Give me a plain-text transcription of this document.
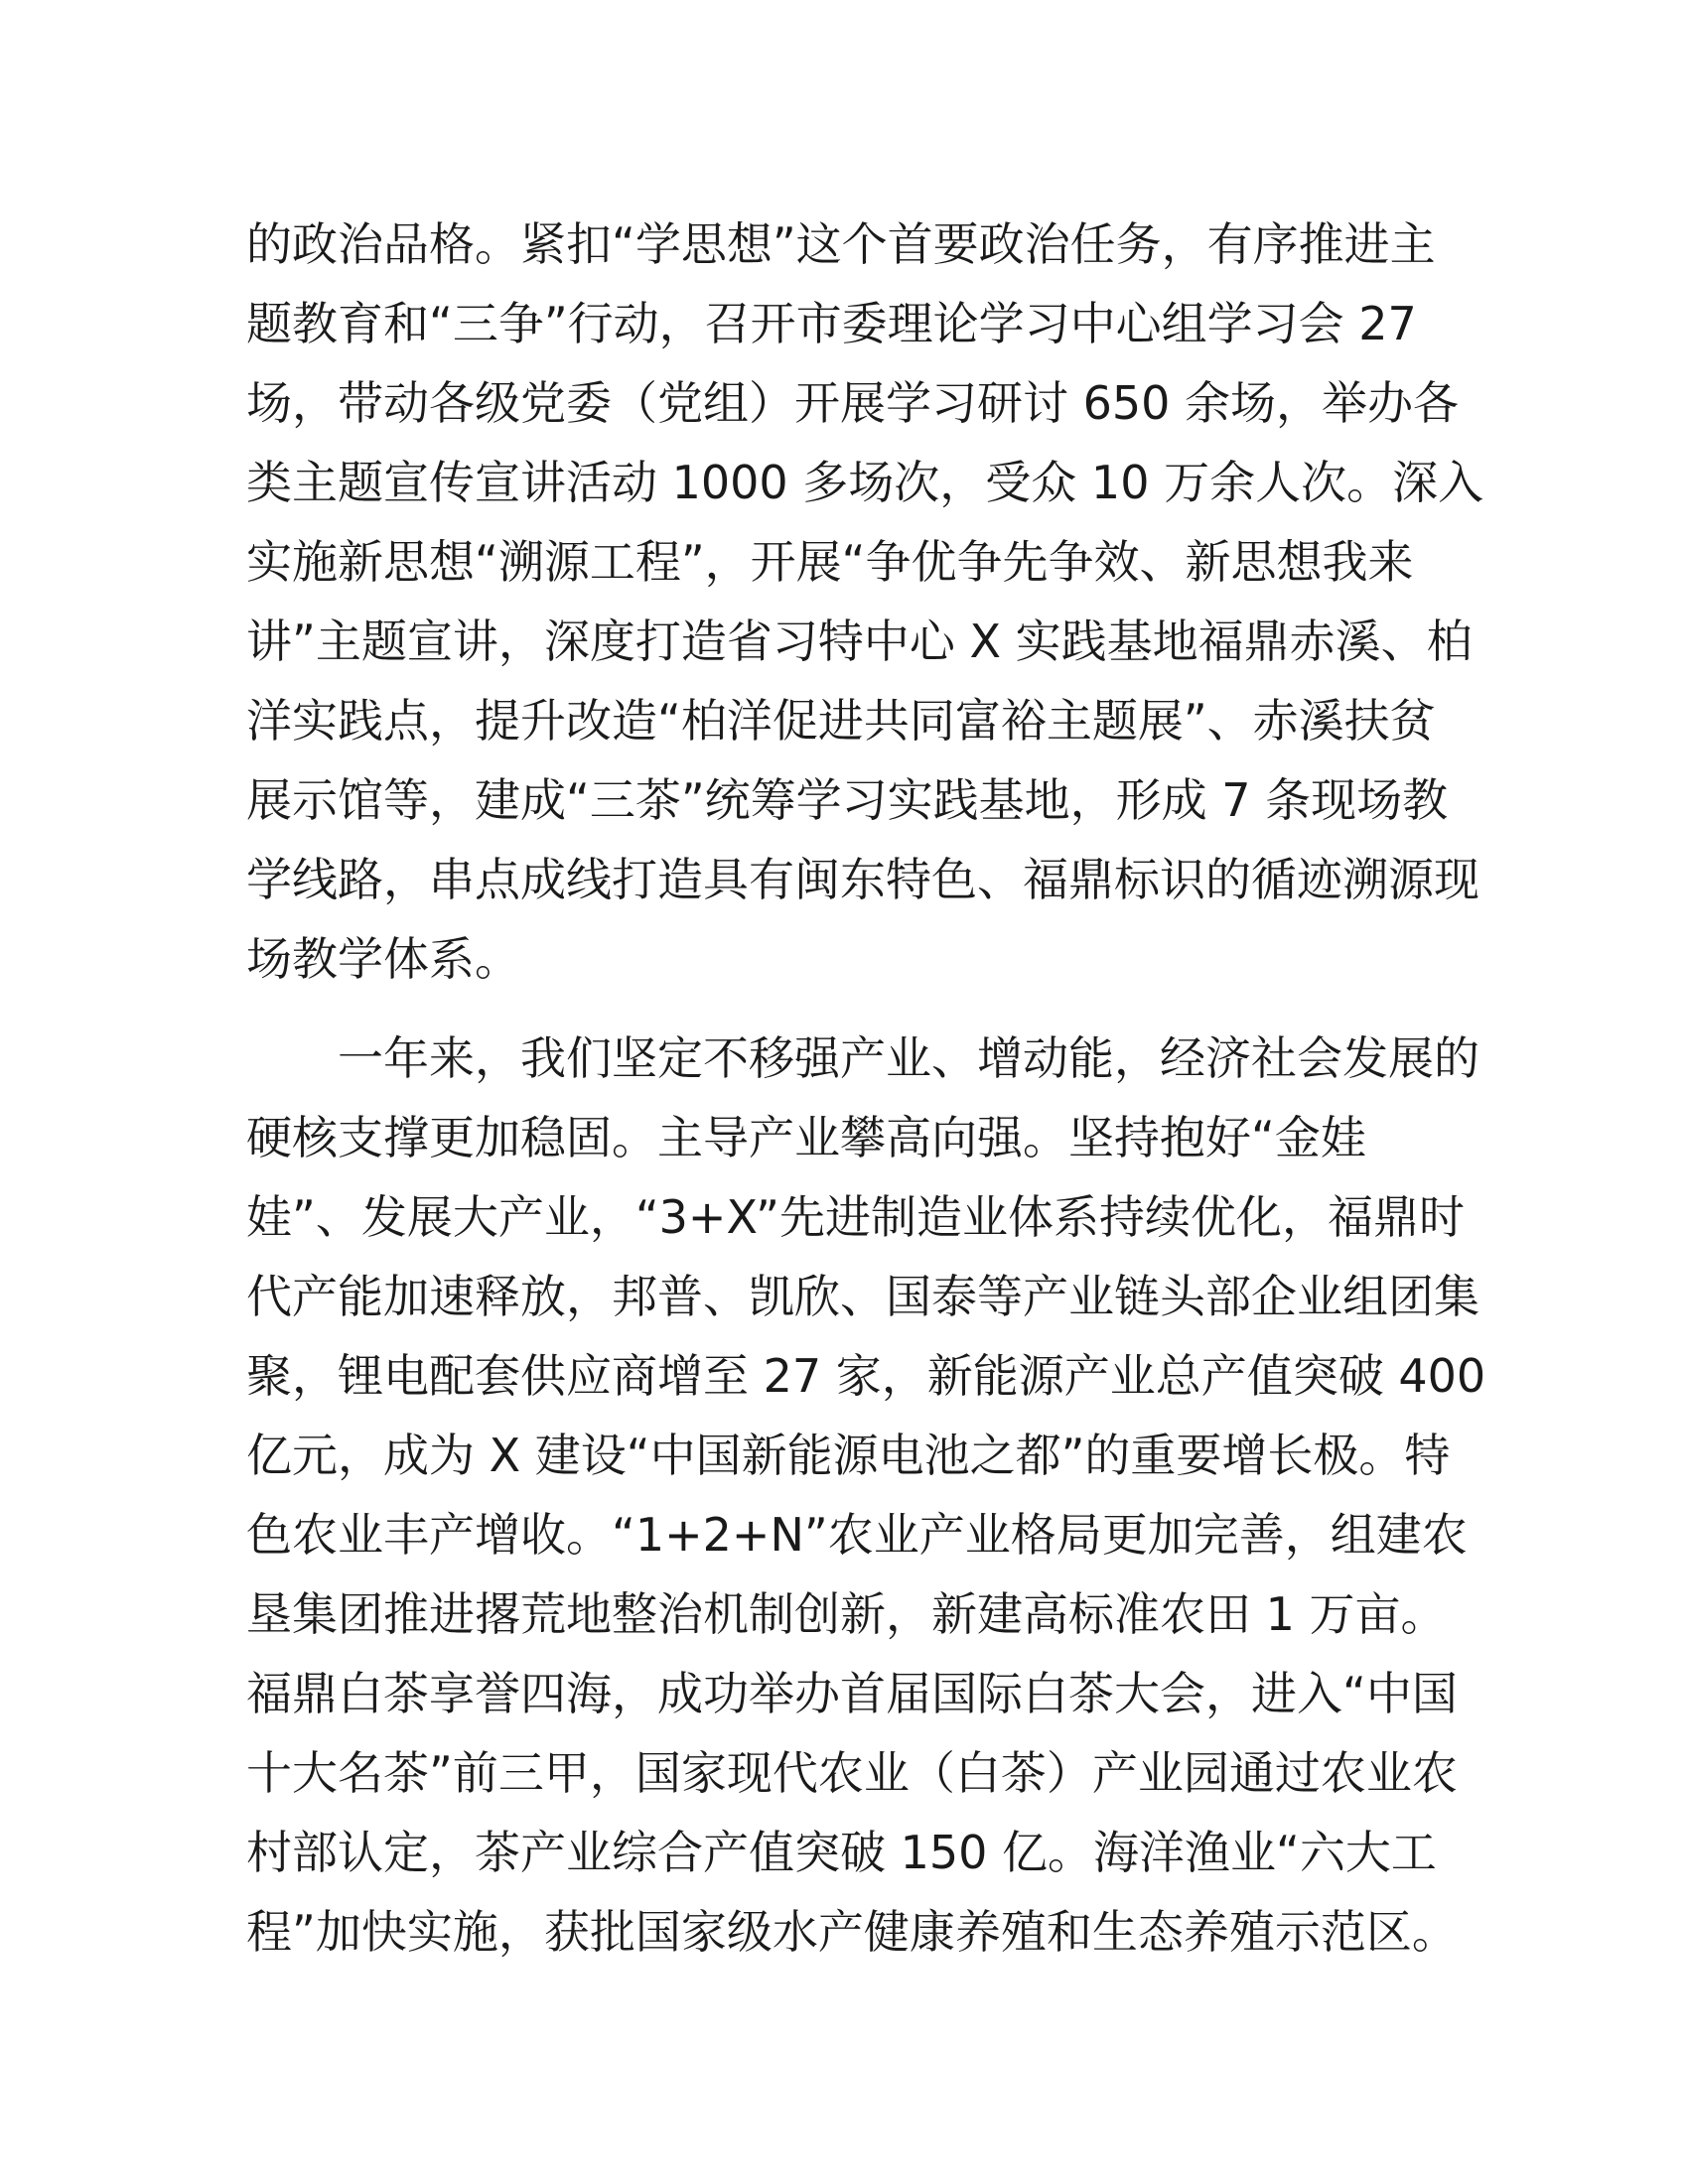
的政治品格。紧扣“学思想”这个首要政治任务，有序推进主
题教育和“三争”行动，召开市委理论学习中心组学习会 27
场，带动各级党委（党组）开展学习研讨 650 余场，举办各
类主题宣传宣讲活动 1000 多场次，受众 10 万余人次。深入
实施新思想“溯源工程”，开展“争优争先争效、新思想我来
讲”主题宣讲，深度打造省习特中心 X 实践基地福鼎赤溪、柏
洋实践点，提升改造“柏洋促进共同富裕主题展”、赤溪扶贫
展示馆等，建成“三茶”统筹学习实践基地，形成 7 条现场教
学线路，串点成线打造具有闽东特色、福鼎标识的循迹溯源现
场教学体系。
一年来，我们坚定不移强产业、增动能，经济社会发展的
硬核支撑更加稳固。主导产业攀高向强。坚持抱好“金娃
娃”、发展大产业，“3+X”先进制造业体系持续优化，福鼎时
代产能加速释放，邦普、凯欣、国泰等产业链头部企业组团集
聚，锂电配套供应商增至 27 家，新能源产业总产值突破 400
亿元，成为 X 建设“中国新能源电池之都”的重要增长极。特
色农业丰产增收。“1+2+N”农业产业格局更加完善，组建农
垦集团推进撂荒地整治机制创新，新建高标准农田 1 万亩。
福鼎白茶享誉四海，成功举办首届国际白茶大会，进入“中国
十大名茶”前三甲，国家现代农业（白茶）产业园通过农业农
村部认定，茶产业综合产值突破 150 亿。海洋渔业“六大工
程”加快实施，获批国家级水产健康养殖和生态养殖示范区。
